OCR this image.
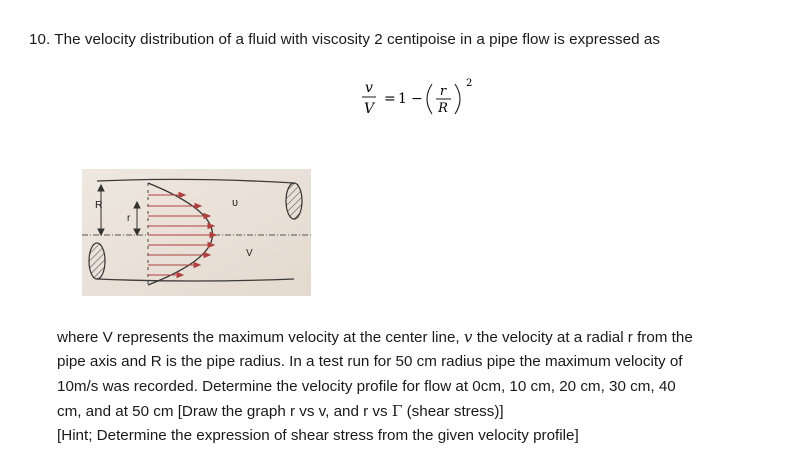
10. The velocity distribution of a fluid with viscosity 2 centipoise in a pipe flow is expressed as
v
V
= 1 − r
R
2
R
r
υ
V

where V represents the maximum velocity at the center line, v the velocity at a radial r from the

pipe axis and R is the pipe radius. In a test run for 50 cm radius pipe the maximum velocity of

10m/s was recorded. Determine the velocity profile for flow at 0cm, 10 cm, 20 cm, 30 cm, 40

cm, and at 50 cm [Draw the graph r vs v, and r vs Γ (shear stress)]

[Hint; Determine the expression of shear stress from the given velocity profile]
